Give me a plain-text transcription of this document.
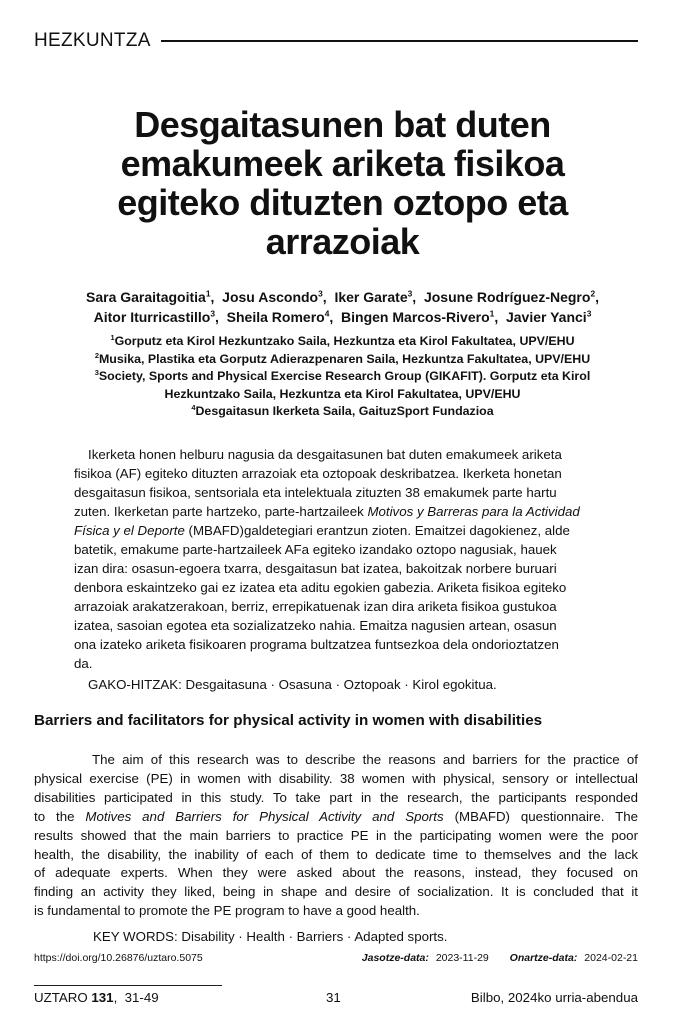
HEZKUNTZA
Desgaitasunen bat duten
emakumeek ariketa fisikoa
egiteko dituzten oztopo eta
arrazoiak
Sara Garaitagoitia$^1$,  Josu Ascondo$^3$,  Iker Garate$^3$,  Josune Rodríguez-Negro$^2$,
Aitor Iturricastillo$^3$,  Sheila Romero$^4$,  Bingen Marcos-Rivero$^1$,  Javier Yanci$^3$
$^1$Gorputz eta Kirol Hezkuntzako Saila, Hezkuntza eta Kirol Fakultatea, UPV/EHU
$^2$Musika, Plastika eta Gorputz Adierazpenaren Saila, Hezkuntza Fakultatea, UPV/EHU
$^3$Society, Sports and Physical Exercise Research Group (GIKAFIT). Gorputz eta Kirol
Hezkuntzako Saila, Hezkuntza eta Kirol Fakultatea, UPV/EHU
$^4$Desgaitasun Ikerketa Saila, GaituzSport Fundazioa
Ikerketa honen helburu nagusia da desgaitasunen bat duten emakumeek ariketa
fisikoa (AF) egiteko dituzten arrazoiak eta oztopoak deskribatzea. Ikerketa honetan
desgaitasun fisikoa, sentsoriala eta intelektuala zituzten 38 emakumek parte hartu
zuten. Ikerketan parte hartzeko, parte-hartzaileek Motivos y Barreras para la Actividad
Física y el Deporte (MBAFD)galdetegiari erantzun zioten. Emaitzei dagokienez, alde
batetik, emakume parte-hartzaileek AFa egiteko izandako oztopo nagusiak, hauek
izan dira: osasun-egoera txarra, desgaitasun bat izatea, bakoitzak norbere buruari
denbora eskaintzeko gai ez izatea eta aditu egokien gabezia. Ariketa fisikoa egiteko
arrazoiak arakatzerakoan, berriz, errepikatuenak izan dira ariketa fisikoa gustukoa
izatea, sasoian egotea eta sozializatzeko nahia. Emaitza nagusien artean, osasun
ona izateko ariketa fisikoaren programa bultzatzea funtsezkoa dela ondorioztatzen
da.
GAKO-HITZAK: Desgaitasuna · Osasuna · Oztopoak · Kirol egokitua.
Barriers and facilitators for physical activity in women with disabilities
The aim of this research was to describe the reasons and barriers for the practice of
physical exercise (PE) in women with disability. 38 women with physical, sensory or intellectual
disabilities participated in this study. To take part in the research, the participants responded
to the Motives and Barriers for Physical Activity and Sports (MBAFD) questionnaire. The
results showed that the main barriers to practice PE in the participating women were the poor
health, the disability, the inability of each of them to dedicate time to themselves and the lack
of adequate experts. When they were asked about the reasons, instead, they focused on
finding an activity they liked, being in shape and desire of socialization. It is concluded that it
is fundamental to promote the PE program to have a good health.
KEY WORDS: Disability · Health · Barriers · Adapted sports.
https://doi.org/10.26876/uztaro.5075	Jasotze-data: 2023-11-29 Onartze-data: 2024-02-21
UZTARO 131,  31-49	31	Bilbo, 2024ko urria-abendua
